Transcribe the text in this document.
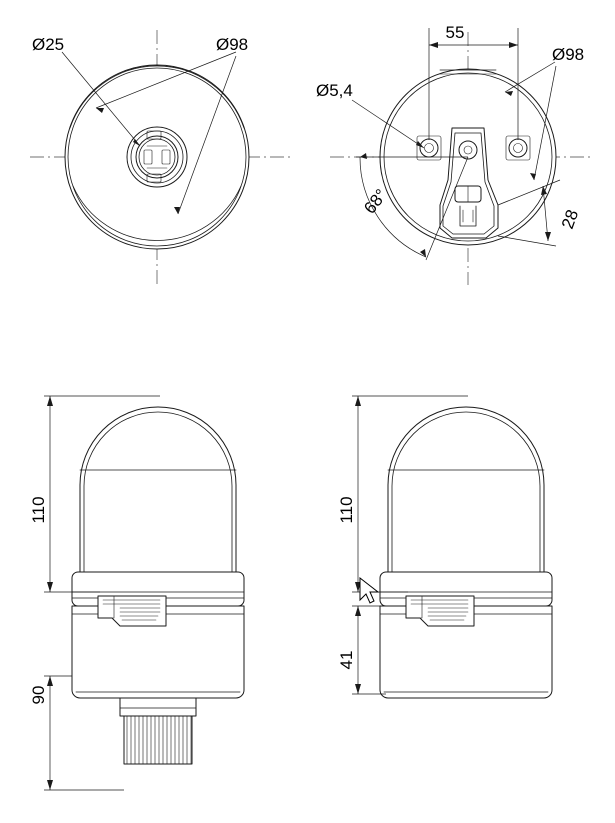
Ø25	Ø98
55
Ø98
Ø5,4
68°
28
110
90
110
41
